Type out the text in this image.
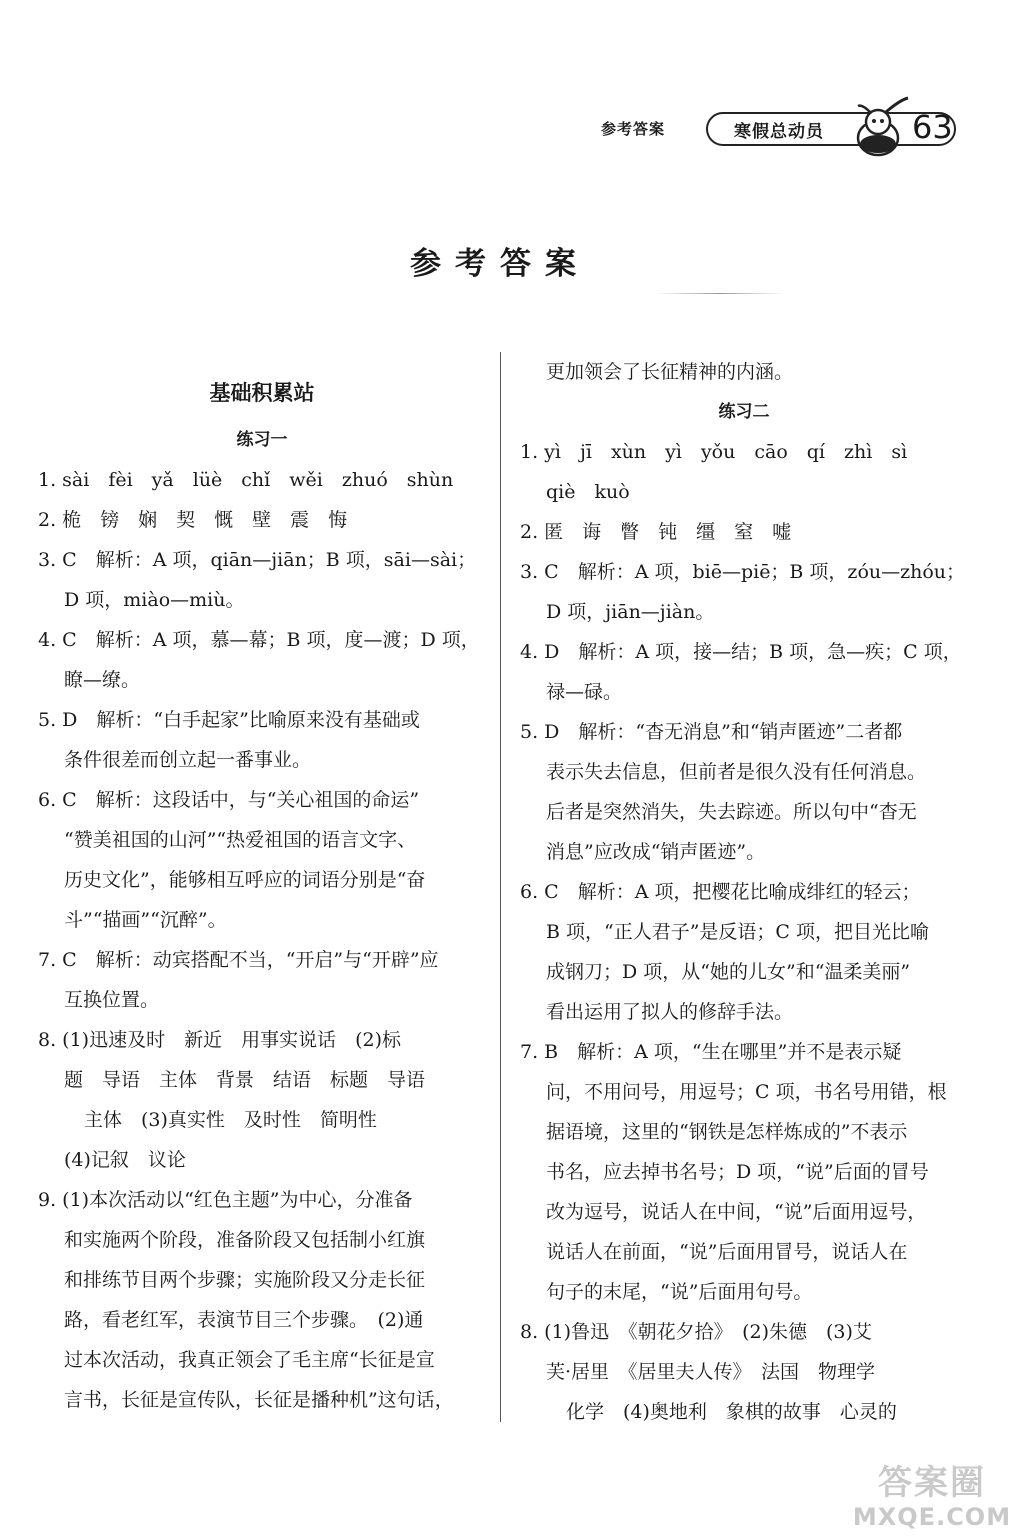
参考答案	寒假总动员	63
参考答案
基础积累站
练习一
1. sài　fèi　yǎ　lüè　chǐ　wěi　zhuó　shùn
2. 桅　镑　娴　契　慨　壁　震　悔
3. C　解析：A 项，qiān—jiān；B 项，sāi—sài；
D 项，miào—miù。
4. C　解析：A 项，慕—幕；B 项，度—渡；D 项，
瞭—缭。
5. D　解析：“白手起家”比喻原来没有基础或
条件很差而创立起一番事业。
6. C　解析：这段话中，与“关心祖国的命运”
“赞美祖国的山河”“热爱祖国的语言文字、
历史文化”，能够相互呼应的词语分别是“奋
斗”“描画”“沉醉”。
7. C　解析：动宾搭配不当，“开启”与“开辟”应
互换位置。
8. (1)迅速及时　新近　用事实说话　(2)标
题　导语　主体　背景　结语　标题　导语
主体　(3)真实性　及时性　简明性
(4)记叙　议论
9. (1)本次活动以“红色主题”为中心，分准备
和实施两个阶段，准备阶段又包括制小红旗
和排练节目两个步骤；实施阶段又分走长征
路，看老红军，表演节目三个步骤。　(2)通
过本次活动，我真正领会了毛主席“长征是宣
言书，长征是宣传队，长征是播种机”这句话，
更加领会了长征精神的内涵。
练习二
1. yì　jī　xùn　yì　yǒu　cāo　qí　zhì　sì
qiè　kuò
2. 匿　诲　瞥　钝　缰　窒　嘘
3. C　解析：A 项，biē—piē；B 项，zóu—zhóu；
D 项，jiān—jiàn。
4. D　解析：A 项，接—结；B 项，急—疾；C 项，
禄—碌。
5. D　解析：“杳无消息”和“销声匿迹”二者都
表示失去信息，但前者是很久没有任何消息。
后者是突然消失，失去踪迹。所以句中“杳无
消息”应改成“销声匿迹”。
6. C　解析：A 项，把樱花比喻成绯红的轻云；
B 项，“正人君子”是反语；C 项，把目光比喻
成钢刀；D 项，从“她的儿女”和“温柔美丽”
看出运用了拟人的修辞手法。
7. B　解析：A 项，“生在哪里”并不是表示疑
问，不用问号，用逗号；C 项，书名号用错，根
据语境，这里的“钢铁是怎样炼成的”不表示
书名，应去掉书名号；D 项，“说”后面的冒号
改为逗号，说话人在中间，“说”后面用逗号，
说话人在前面，“说”后面用冒号，说话人在
句子的末尾，“说”后面用句号。
8. (1)鲁迅　《朝花夕拾》　(2)朱德　(3)艾
芙·居里　《居里夫人传》　法国　物理学
化学　(4)奥地利　象棋的故事　心灵的
答案圈
MXQE.COM
